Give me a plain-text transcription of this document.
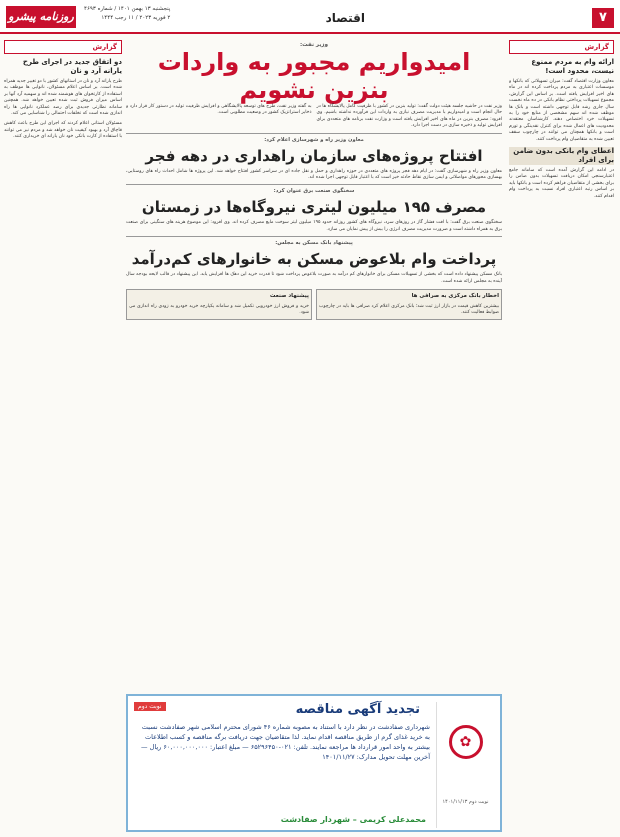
۷
اقتصاد
پنجشنبه ۱۳ بهمن ۱۴۰۱ / شماره ۴۶۹۳
۲ فوریه ۲۰۲۳ / ۱۱ رجب ۱۴۴۴
روزنامه پیشرو
گزارش
ارائه وام به مردم ممنوع نیست، محدود است!
معاون وزارت اقتصاد گفت: میزان تسهیلاتی که بانکها و موسسات اعتباری به مردم پرداخت کرده اند در ماه های اخیر افزایش یافته است. بر اساس این گزارش، مجموع تسهیلات پرداختی نظام بانکی در ده ماه نخست سال جاری رشد قابل توجهی داشته است و بانک ها موظف شده اند سهم مشخصی از منابع خود را به تسهیلات خرد اختصاص دهند. کارشناسان معتقدند محدودیت های اعمال شده برای کنترل نقدینگی و تورم است و بانکها همچنان می توانند در چارچوب سقف تعیین شده به متقاضیان وام پرداخت کنند.
اعطای وام بانکی بدون ضامن برای افراد
در ادامه این گزارش آمده است که سامانه جامع اعتبارسنجی امکان دریافت تسهیلات بدون ضامن را برای بخشی از متقاضیان فراهم کرده است و بانکها باید بر اساس رتبه اعتباری افراد نسبت به پرداخت وام اقدام کنند.
گزارش
دو اتفاق جدید در اجرای طرح یارانه آرد و نان
طرح یارانه آرد و نان در استانهای کشور با دو تغییر جدید همراه شده است. بر اساس اعلام مسئولان، نانوایی ها موظف به استفاده از کارتخوان های هوشمند شده اند و سهمیه آرد آنها بر اساس میزان فروش ثبت شده تعیین خواهد شد. همچنین سامانه نظارتی جدیدی برای رصد عملکرد نانوایی ها راه اندازی شده است که تخلفات احتمالی را شناسایی می کند.
مسئولان استانی اعلام کردند که اجرای این طرح باعث کاهش قاچاق آرد و بهبود کیفیت نان خواهد شد و مردم نیز می توانند با استفاده از کارت بانکی خود نان یارانه ای خریداری کنند.
وزیر نفت:
امیدواریم مجبور به واردات بنزین نشویم
وزیر نفت در حاشیه جلسه هیئت دولت گفت: تولید بنزین در کشور با ظرفیت کامل پالایشگاه ها در حال انجام است و امیدواریم با مدیریت مصرف نیازی به واردات این فرآورده نداشته باشیم. وی افزود: مصرف بنزین در ماه های اخیر افزایش یافته است و وزارت نفت برنامه های متعددی برای افزایش تولید و ذخیره سازی در دست اجرا دارد.
به گفته وزیر نفت، طرح های توسعه پالایشگاهی و افزایش ظرفیت تولید در دستور کار قرار دارد و ذخایر استراتژیک کشور در وضعیت مطلوبی است.
معاون وزیر راه و شهرسازی اعلام کرد:
افتتاح پروژه‌های سازمان راهداری در دهه فجر
معاون وزیر راه و شهرسازی گفت: در ایام دهه فجر پروژه های متعددی در حوزه راهداری و حمل و نقل جاده ای در سراسر کشور افتتاح خواهد شد. این پروژه ها شامل احداث راه های روستایی، بهسازی محورهای مواصلاتی و ایمن سازی نقاط حادثه خیز است که با اعتبار قابل توجهی اجرا شده اند.
سخنگوی صنعت برق عنوان کرد:
مصرف ۱۹۵ میلیون لیتری نیروگاه‌ها در زمستان
سخنگوی صنعت برق گفت: با افت فشار گاز در روزهای سرد، نیروگاه های کشور روزانه حدود ۱۹۵ میلیون لیتر سوخت مایع مصرف کرده اند. وی افزود: این موضوع هزینه های سنگینی برای صنعت برق به همراه داشته است و ضرورت مدیریت مصرف انرژی را بیش از پیش نمایان می سازد.
پیشنهاد بانک مسکن به مجلس:
پرداخت وام بلاعوض مسکن به خانوارهای کم‌درآمد
بانک مسکن پیشنهاد داده است که بخشی از تسهیلات مسکن برای خانوارهای کم درآمد به صورت بلاعوض پرداخت شود تا قدرت خرید این دهک ها افزایش یابد. این پیشنهاد در قالب لایحه بودجه سال آینده به مجلس ارائه شده است.
اخطار بانک مرکزی به صرافی ها
بیشترین کاهش قیمت در بازار ارز ثبت شد؛ بانک مرکزی اعلام کرد صرافی ها باید در چارچوب ضوابط فعالیت کنند.
پیشنهاد صنعت
خرید و فروش ارز خودرویی تکمیل شد و سامانه یکپارچه خرید خودرو به زودی راه اندازی می شود.
✿
نوبت دوم ۱۴۰۱/۱۱/۱۳
نوبت دوم	تجدید آگهی مناقصه
شهرداری صفادشت در نظر دارد با استناد به مصوبه شماره ۴۶ شورای محترم اسلامی شهر صفادشت نسبت به خرید غذای گرم از طریق مناقصه اقدام نماید. لذا متقاضیان جهت دریافت برگه مناقصه و کسب اطلاعات بیشتر به واحد امور قرارداد ها مراجعه نمایند. تلفن: ۰۲۱-۶۵۲۹۶۴۵۰ — مبلغ اعتبار: ۶۰,۰۰۰,۰۰۰,۰۰۰ ریال — آخرین مهلت تحویل مدارک: ۱۴۰۱/۱۱/۲۷
محمدعلی کریمی – شهردار صفادشت
